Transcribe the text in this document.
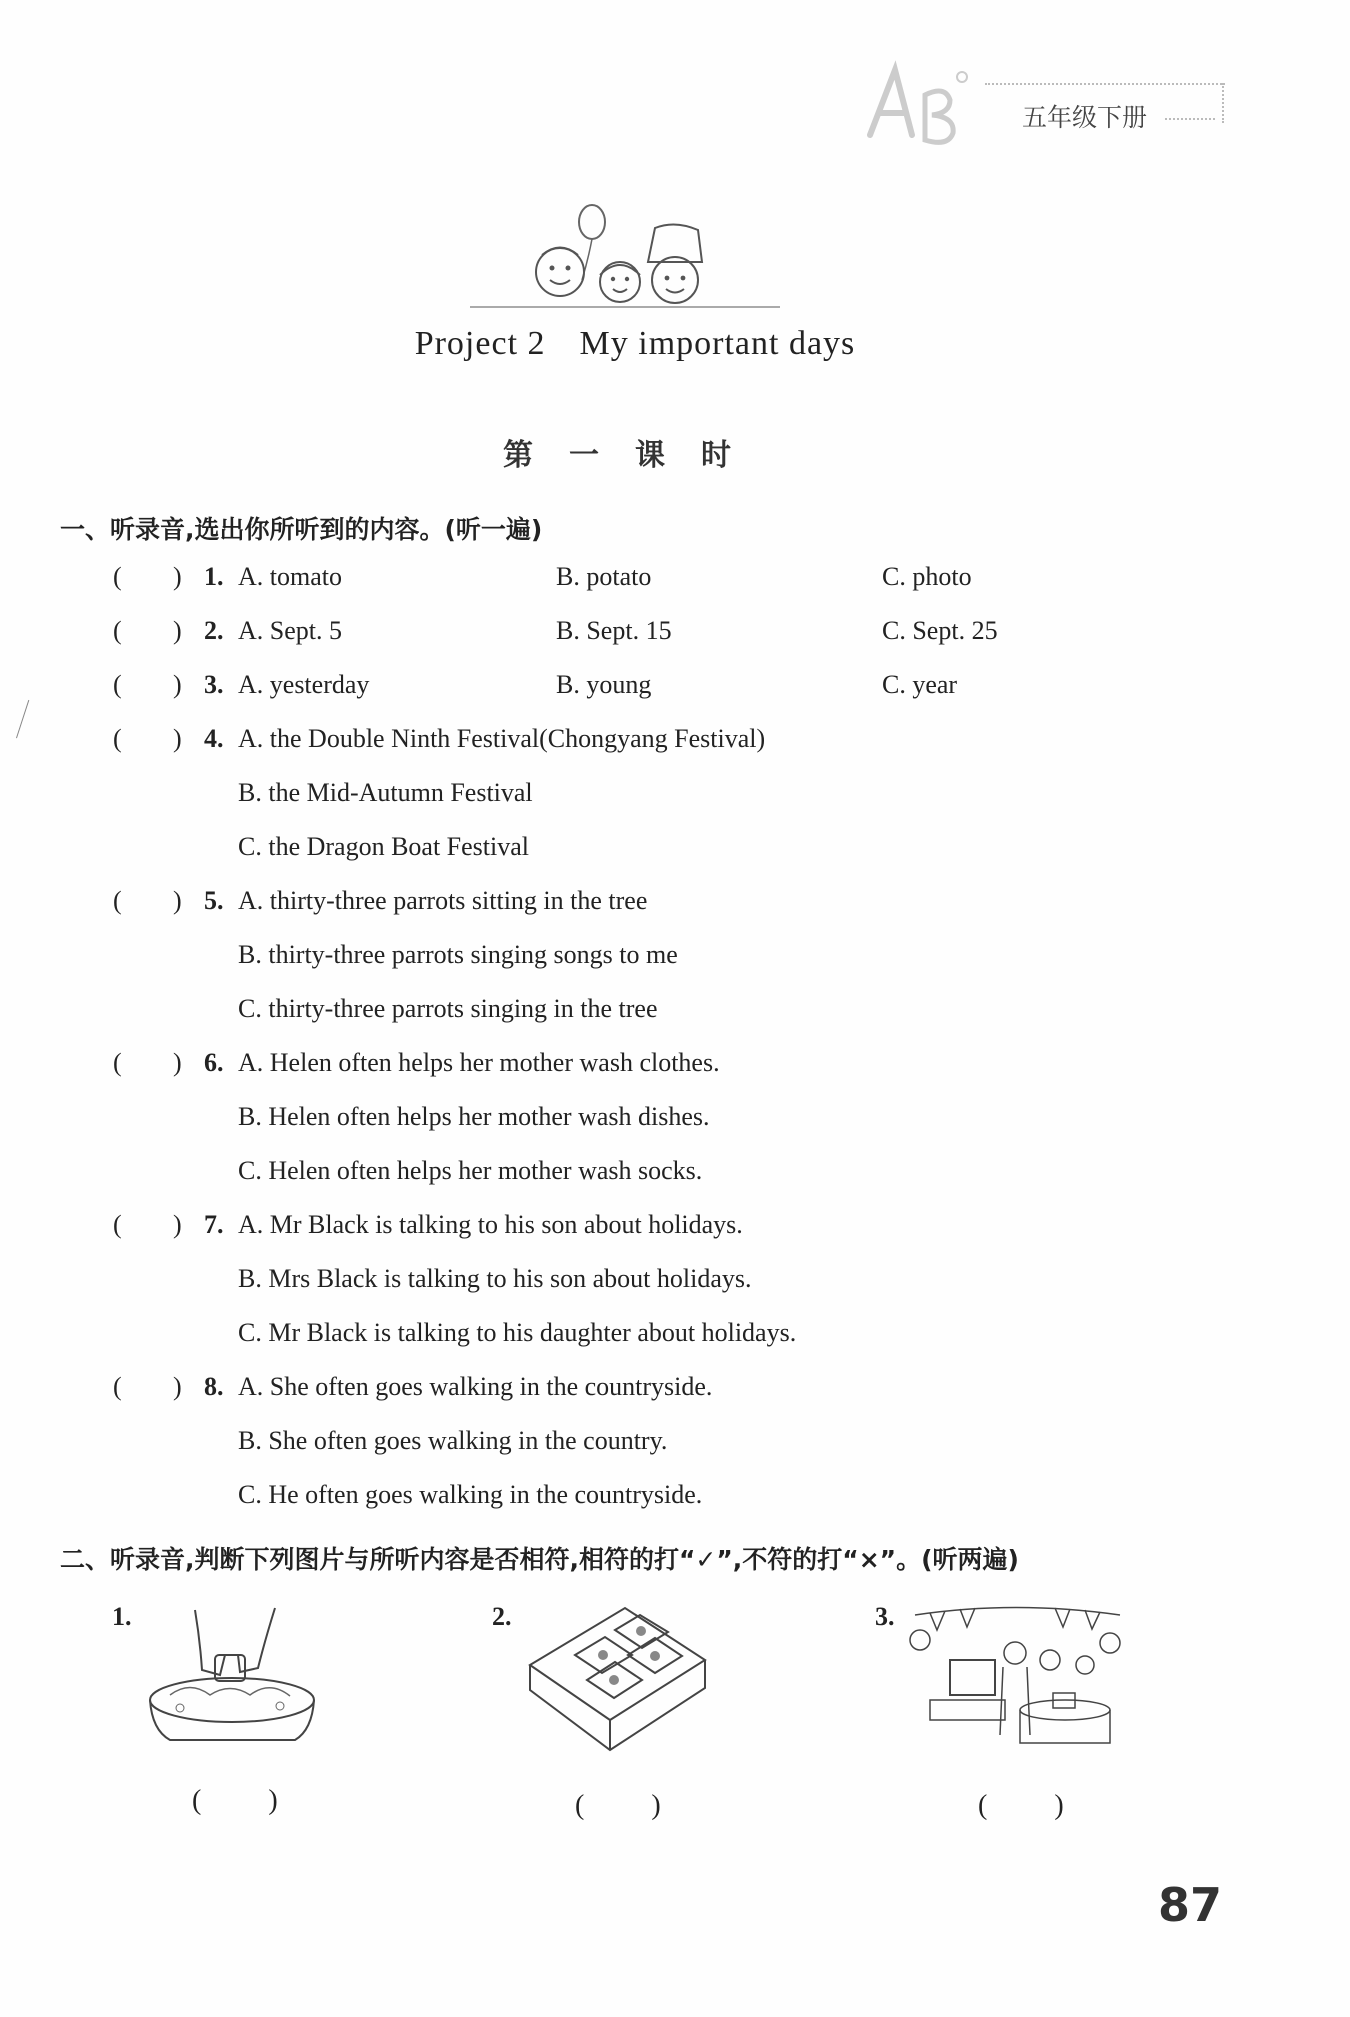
五年级下册
Project 2 My important days
第一课时
一、听录音,选出你所听到的内容。(听一遍)
( ) 1. A. tomato	B. potato	C. photo
( ) 2. A. Sept. 5	B. Sept. 15	C. Sept. 25
( ) 3. A. yesterday	B. young	C. year
( ) 4. A. the Double Ninth Festival(Chongyang Festival)
B. the Mid-Autumn Festival
C. the Dragon Boat Festival
( ) 5. A. thirty-three parrots sitting in the tree
B. thirty-three parrots singing songs to me
C. thirty-three parrots singing in the tree
( ) 6. A. Helen often helps her mother wash clothes.
B. Helen often helps her mother wash dishes.
C. Helen often helps her mother wash socks.
( ) 7. A. Mr Black is talking to his son about holidays.
B. Mrs Black is talking to his son about holidays.
C. Mr Black is talking to his daughter about holidays.
( ) 8. A. She often goes walking in the countryside.
B. She often goes walking in the country.
C. He often goes walking in the countryside.
二、听录音,判断下列图片与所听内容是否相符,相符的打“✓”,不符的打“×”。(听两遍)
1.
( )
2.
( )
3.
( )
87
